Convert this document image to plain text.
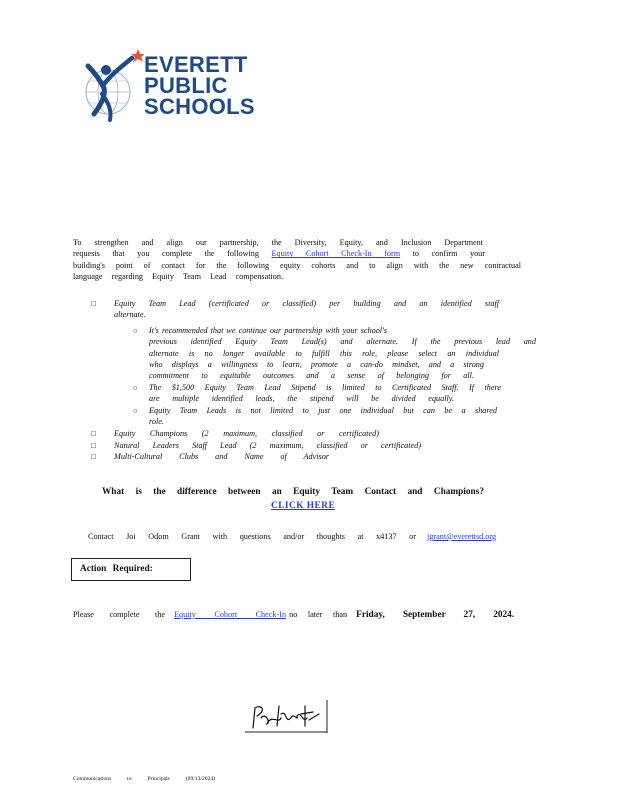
EVERETT
PUBLIC
SCHOOLS
To strengthen and align our partnership, the Diversity, Equity, and Inclusion Department
requests that you complete the following Equity Cohort Check-In form to confirm your
building's point of contact for the following equity cohorts and to align with the new contractual
language regarding Equity Team Lead compensation.
□ Equity Team Lead (certificated or classified) per building and an identified staff
alternate.
○ It's recommended that we continue our partnership with your school's
previous identified Equity Team Lead(s) and alternate. If the previous lead and
alternate is no longer available to fulfill this role, please select an individual
who displays a willingness to learn, promote a can-do mindset, and a strong
commitment to equitable outcomes and a sense of belonging for all.
○ The $1,500 Equity Team Lead Stipend is limited to Certificated Staff. If there
are multiple identified leads, the stipend will be divided equally.
○ Equity Team Leads is not limited to just one individual but can be a shared
role.
□ Equity Champions (2 maximum, classified or certificated)
□ Natural Leaders Staff Lead (2 maximum, classified or certificated)
□ Multi-Cultural Clubs and Name of Advisor
What is the difference between an Equity Team Contact and Champions?
CLICK HERE
Contact Joi Odom Grant with questions and/or thoughts at x4137 or jgrant@everettsd.org
Action Required:
Please complete the Equity Cohort Check-In no later than Friday, September 27, 2024.
Communications to Principals (09/13/2024)
